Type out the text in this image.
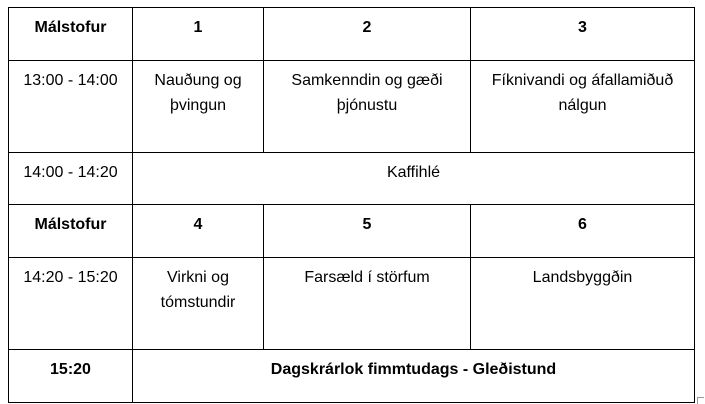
Málstofur	1	2	3
13:00 - 14:00	Nauðung og þvingun	Samkenndin og gæði þjónustu	Fíknivandi og áfallamiðuð nálgun
14:00 - 14:20	Kaffihlé		
Málstofur	4	5	6
14:20 - 15:20	Virkni og tómstundir	Farsæld í störfum	Landsbyggðin
15:20	Dagskrárlok fimmtudags - Gleðistund		
